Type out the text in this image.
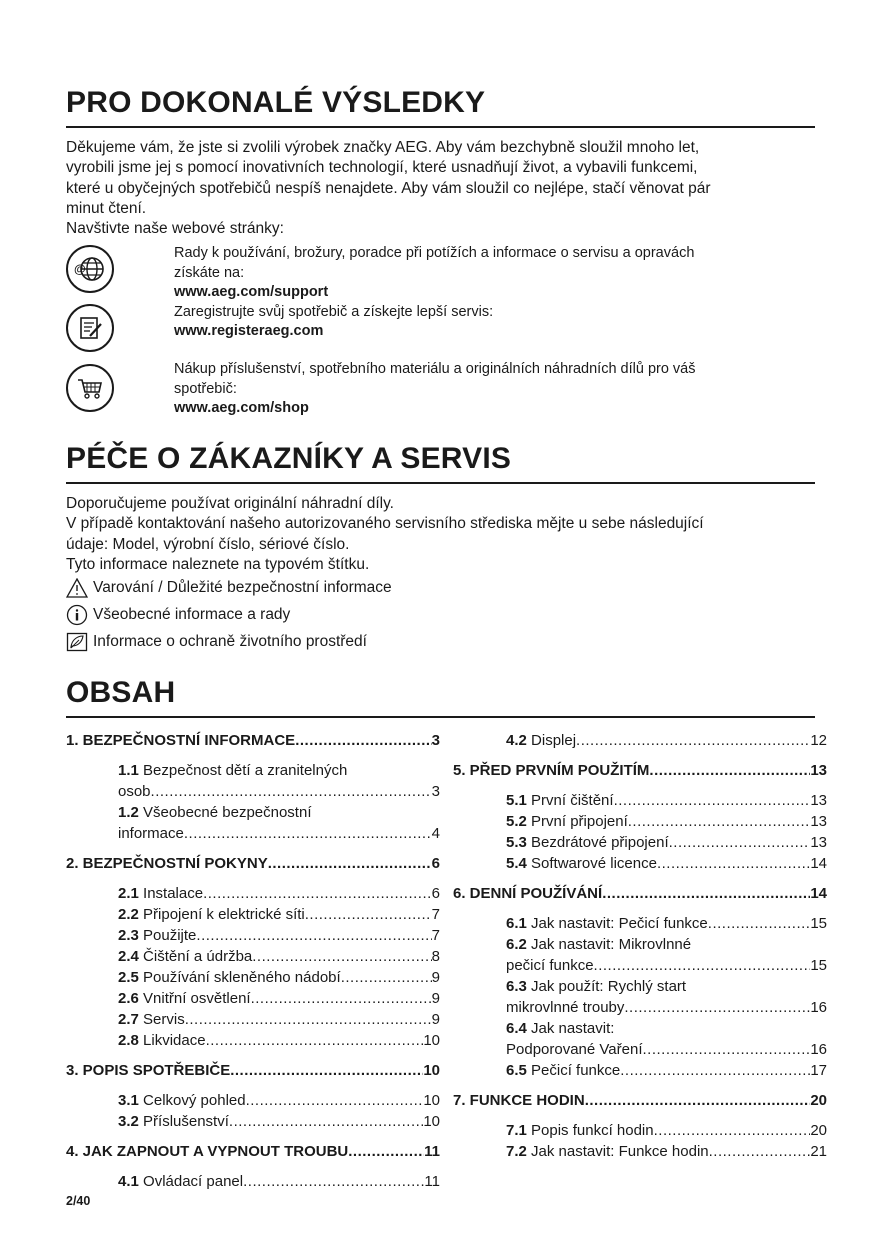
PRO DOKONALÉ VÝSLEDKY
Děkujeme vám, že jste si zvolili výrobek značky AEG. Aby vám bezchybně sloužil mnoho let,
vyrobili jsme jej s pomocí inovativních technologií, které usnadňují život, a vybavili funkcemi,
které u obyčejných spotřebičů nespíš nenajdete. Aby vám sloužil co nejlépe, stačí věnovat pár
minut čtení.
Navštivte naše webové stránky:
@
Rady k používání, brožury, poradce při potížích a informace o servisu a opravách
získáte na:
www.aeg.com/support
Zaregistrujte svůj spotřebič a získejte lepší servis:
www.registeraeg.com
Nákup příslušenství, spotřebního materiálu a originálních náhradních dílů pro váš
spotřebič:
www.aeg.com/shop
PÉČE O ZÁKAZNÍKY A SERVIS
Doporučujeme používat originální náhradní díly.
V případě kontaktování našeho autorizovaného servisního střediska mějte u sebe následující
údaje: Model, výrobní číslo, sériové číslo.
Tyto informace naleznete na typovém štítku.
Varování / Důležité bezpečnostní informace
Všeobecné informace a rady
Informace o ochraně životního prostředí
OBSAH
1. BEZPEČNOSTNÍ INFORMACE .....	3
1.1 Bezpečnost dětí a zranitelných
osob .....	3
1.2 Všeobecné bezpečnostní
informace .....	4
2. BEZPEČNOSTNÍ POKYNY .....	6
2.1 Instalace .....	6
2.2 Připojení k elektrické síti .....	7
2.3 Použijte .....	7
2.4 Čištění a údržba .....	8
2.5 Používání skleněného nádobí .....	9
2.6 Vnitřní osvětlení .....	9
2.7 Servis .....	9
2.8 Likvidace .....	10
3. POPIS SPOTŘEBIČE .....	10
3.1 Celkový pohled .....	10
3.2 Příslušenství .....	10
4. JAK ZAPNOUT A VYPNOUT TROUBU .....	11
4.1 Ovládací panel .....	11
4.2 Displej .....	12
5. PŘED PRVNÍM POUŽITÍM .....	13
5.1 První čištění .....	13
5.2 První připojení .....	13
5.3 Bezdrátové připojení .....	13
5.4 Softwarové licence .....	14
6. DENNÍ POUŽÍVÁNÍ .....	14
6.1 Jak nastavit: Pečicí funkce .....	15
6.2 Jak nastavit: Mikrovlnné
pečicí funkce .....	15
6.3 Jak použít: Rychlý start
mikrovlnné trouby .....	16
6.4 Jak nastavit:
Podporované Vaření .....	16
6.5 Pečicí funkce .....	17
7. FUNKCE HODIN .....	20
7.1 Popis funkcí hodin .....	20
7.2 Jak nastavit: Funkce hodin .....	21
2/40
